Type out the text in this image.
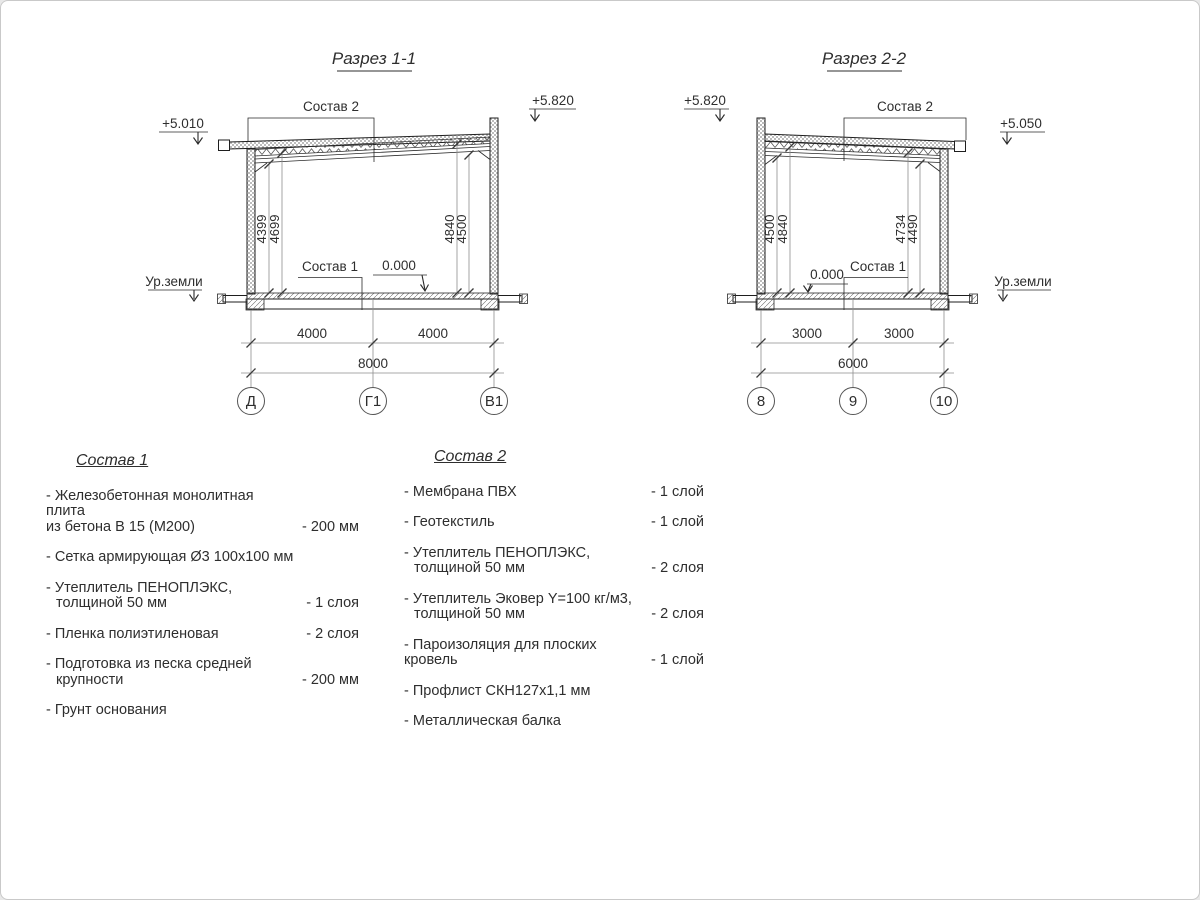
Разрез 1-1
4399
4699	4840
4500
Состав 2
Состав 1 0.000
+5.010
+5.820
Ур.земли
4000	4000
8000
Д	Г1	В1
Разрез 2-2
4500
4840	4734
4490
Состав 2
Состав 1
0.000
+5.820
+5.050
Ур.земли
3000	3000
6000
8	9	10
Состав 1
- Железобетонная монолитная плита
из бетона В 15 (М200)	- 200 мм
- Сетка армирующая Ø3 100х100 мм
- Утеплитель ПЕНОПЛЭКС,
толщиной 50 мм	- 1 слоя
- Пленка полиэтиленовая	- 2 слоя
- Подготовка из песка средней
крупности	- 200 мм
- Грунт основания
Состав 2
- Мембрана ПВХ	- 1 слой
- Геотекстиль	- 1 слой
- Утеплитель ПЕНОПЛЭКС,
толщиной 50 мм	- 2 слоя
- Утеплитель Эковер Y=100 кг/м3,
толщиной 50 мм	- 2 слоя
- Пароизоляция для плоских кровель	- 1 слой
- Профлист СКН127х1,1 мм
- Металлическая балка
